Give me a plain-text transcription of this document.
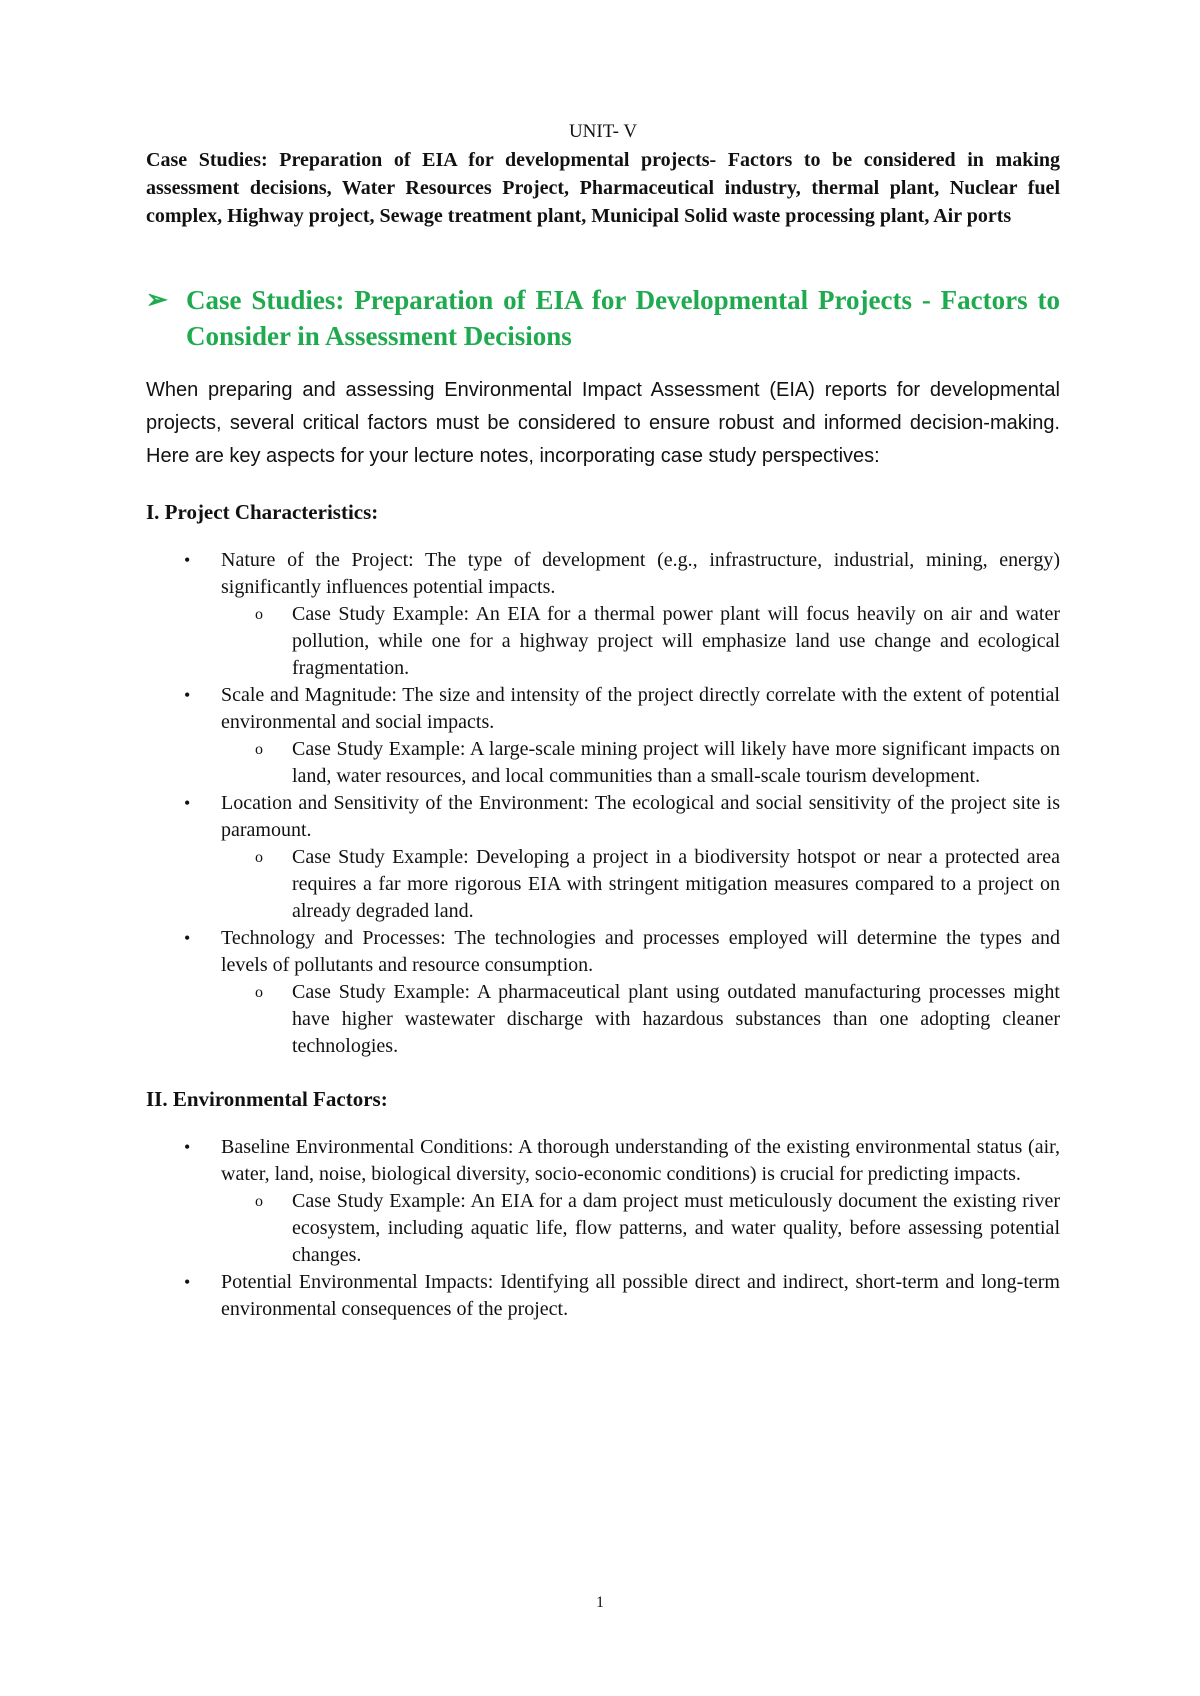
UNIT- V

Case Studies: Preparation of EIA for developmental projects- Factors to be considered in making assessment decisions, Water Resources Project, Pharmaceutical industry, thermal plant, Nuclear fuel complex, Highway project, Sewage treatment plant, Municipal Solid waste processing plant, Air ports

➢ Case Studies: Preparation of EIA for Developmental Projects - Factors to Consider in Assessment Decisions

When preparing and assessing Environmental Impact Assessment (EIA) reports for developmental projects, several critical factors must be considered to ensure robust and informed decision-making. Here are key aspects for your lecture notes, incorporating case study perspectives:

I. Project Characteristics:
• Nature of the Project: The type of development (e.g., infrastructure, industrial, mining, energy) significantly influences potential impacts.
o Case Study Example: An EIA for a thermal power plant will focus heavily on air and water pollution, while one for a highway project will emphasize land use change and ecological fragmentation.
• Scale and Magnitude: The size and intensity of the project directly correlate with the extent of potential environmental and social impacts.
o Case Study Example: A large-scale mining project will likely have more significant impacts on land, water resources, and local communities than a small-scale tourism development.
• Location and Sensitivity of the Environment: The ecological and social sensitivity of the project site is paramount.
o Case Study Example: Developing a project in a biodiversity hotspot or near a protected area requires a far more rigorous EIA with stringent mitigation measures compared to a project on already degraded land.
• Technology and Processes: The technologies and processes employed will determine the types and levels of pollutants and resource consumption.
o Case Study Example: A pharmaceutical plant using outdated manufacturing processes might have higher wastewater discharge with hazardous substances than one adopting cleaner technologies.
II. Environmental Factors:
• Baseline Environmental Conditions: A thorough understanding of the existing environmental status (air, water, land, noise, biological diversity, socio-economic conditions) is crucial for predicting impacts.
o Case Study Example: An EIA for a dam project must meticulously document the existing river ecosystem, including aquatic life, flow patterns, and water quality, before assessing potential changes.
• Potential Environmental Impacts: Identifying all possible direct and indirect, short-term and long-term environmental consequences of the project.
1
